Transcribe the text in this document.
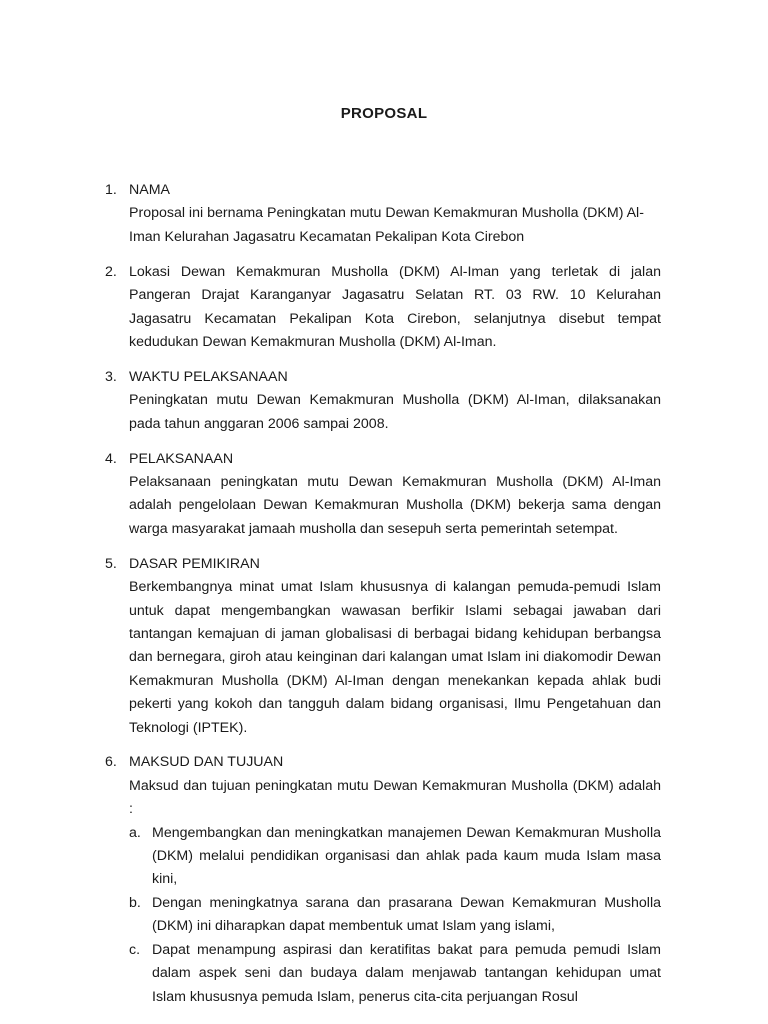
PROPOSAL
1. NAMA
Proposal ini bernama Peningkatan mutu Dewan Kemakmuran Musholla (DKM) Al-Iman Kelurahan Jagasatru Kecamatan Pekalipan Kota Cirebon
2. Lokasi Dewan Kemakmuran Musholla (DKM) Al-Iman yang terletak di jalan Pangeran Drajat Karanganyar Jagasatru Selatan RT. 03 RW. 10 Kelurahan Jagasatru Kecamatan Pekalipan Kota Cirebon, selanjutnya disebut tempat kedudukan Dewan Kemakmuran Musholla (DKM) Al-Iman.
3. WAKTU PELAKSANAAN
Peningkatan mutu Dewan Kemakmuran Musholla (DKM) Al-Iman, dilaksanakan pada tahun anggaran 2006 sampai 2008.
4. PELAKSANAAN
Pelaksanaan peningkatan mutu Dewan Kemakmuran Musholla (DKM) Al-Iman adalah pengelolaan Dewan Kemakmuran Musholla (DKM) bekerja sama dengan warga masyarakat jamaah musholla dan sesepuh serta pemerintah setempat.
5. DASAR PEMIKIRAN
Berkembangnya minat umat Islam khususnya di kalangan pemuda-pemudi Islam untuk dapat mengembangkan wawasan berfikir Islami sebagai jawaban dari tantangan kemajuan di jaman globalisasi di berbagai bidang kehidupan berbangsa dan bernegara, giroh atau keinginan dari kalangan umat Islam ini diakomodir Dewan Kemakmuran Musholla (DKM) Al-Iman dengan menekankan kepada ahlak budi pekerti yang kokoh dan tangguh dalam bidang organisasi, Ilmu Pengetahuan dan Teknologi (IPTEK).
6. MAKSUD DAN TUJUAN
Maksud dan tujuan peningkatan mutu Dewan Kemakmuran Musholla (DKM) adalah :
a. Mengembangkan dan meningkatkan manajemen Dewan Kemakmuran Musholla (DKM) melalui pendidikan organisasi dan ahlak pada kaum muda Islam masa kini,
b. Dengan meningkatnya sarana dan prasarana Dewan Kemakmuran Musholla (DKM) ini diharapkan dapat membentuk umat Islam yang islami,
c. Dapat menampung aspirasi dan keratifitas bakat para pemuda pemudi Islam dalam aspek seni dan budaya dalam menjawab tantangan kehidupan umat Islam khususnya pemuda Islam, penerus cita-cita perjuangan Rosul
